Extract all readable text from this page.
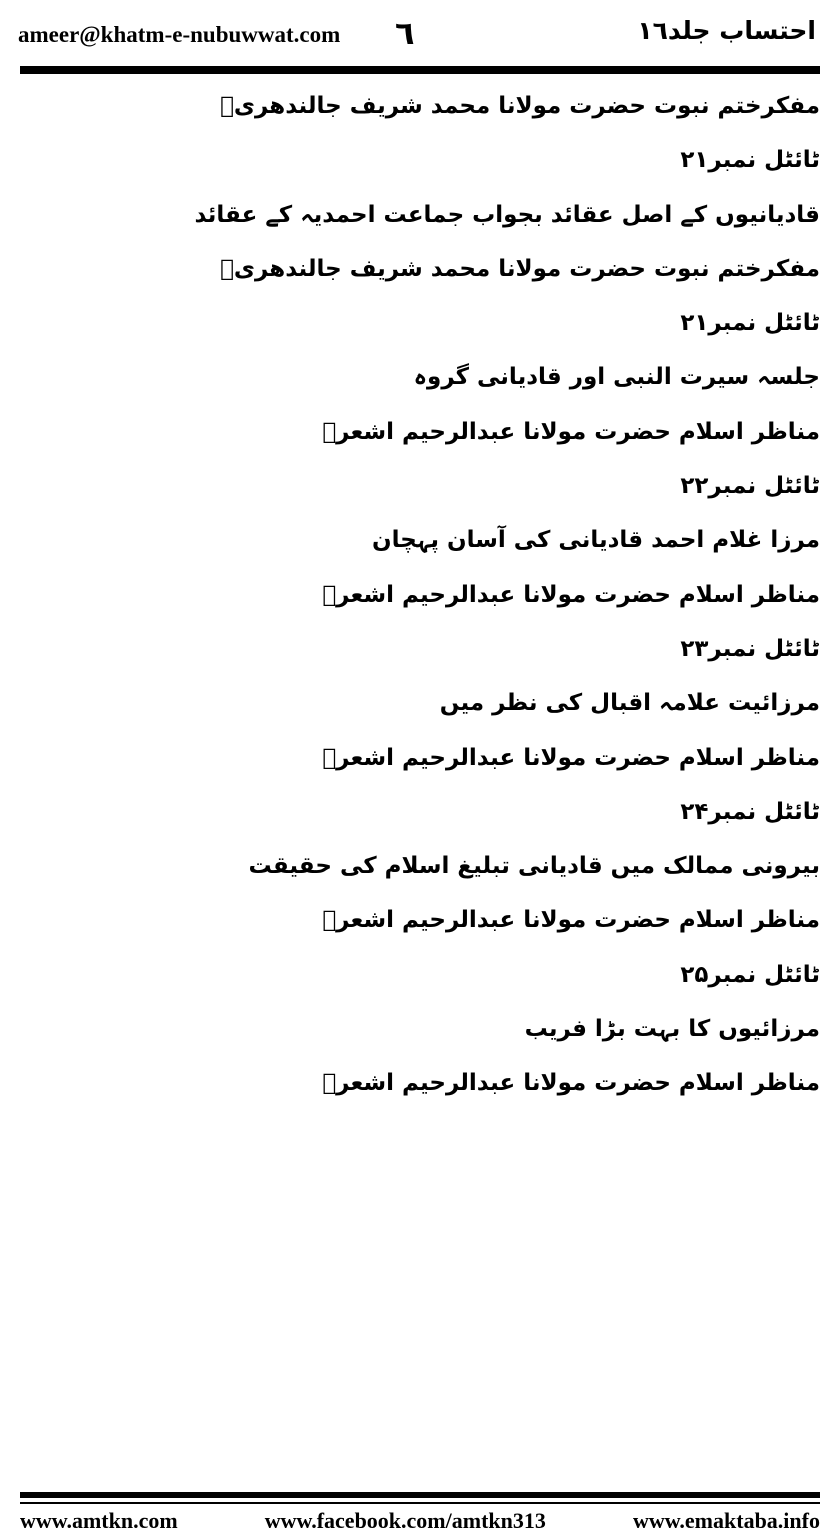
ameer@khatm-e-nubuwwat.com ٦	احتساب جلد١٦
مفکرختم نبوت حضرت مولانا محمد شریف جالندھریؒ
ٹائٹل نمبر۲١
قادیانیوں کے اصل عقائد بجواب جماعت احمدیہ کے عقائد
مفکرختم نبوت حضرت مولانا محمد شریف جالندھریؒ
ٹائٹل نمبر۲١
جلسہ سیرت النبی اور قادیانی گروہ
مناظر اسلام حضرت مولانا عبدالرحیم اشعرؒ
ٹائٹل نمبر۲۲
مرزا غلام احمد قادیانی کی آسان پہچان
مناظر اسلام حضرت مولانا عبدالرحیم اشعرؒ
ٹائٹل نمبر۲۳
مرزائیت علامہ اقبال کی نظر میں
مناظر اسلام حضرت مولانا عبدالرحیم اشعرؒ
ٹائٹل نمبر۲۴
بیرونی ممالک میں قادیانی تبلیغ اسلام کی حقیقت
مناظر اسلام حضرت مولانا عبدالرحیم اشعرؒ
ٹائٹل نمبر۲۵
مرزائیوں کا بہت بڑا فریب
مناظر اسلام حضرت مولانا عبدالرحیم اشعرؒ
www.amtkn.com	www.facebook.com/amtkn313	www.emaktaba.info
